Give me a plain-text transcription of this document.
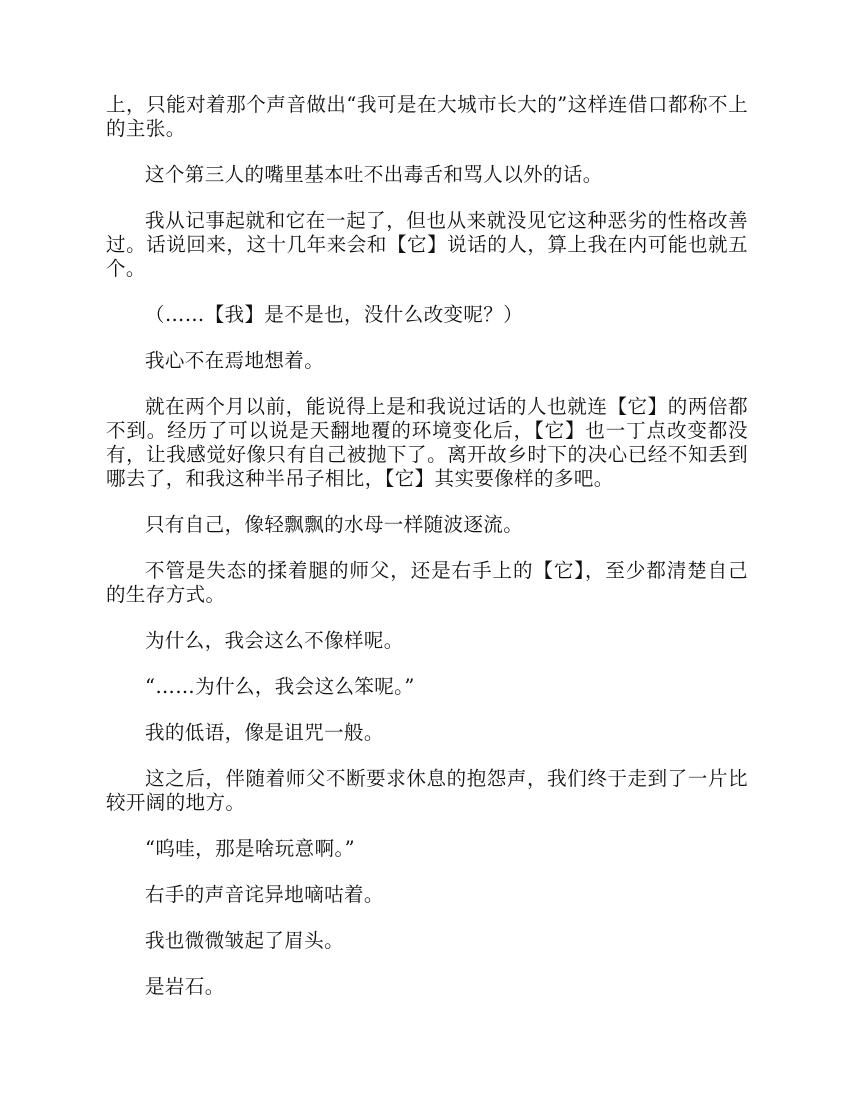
上，只能对着那个声音做出“我可是在大城市长大的”这样连借口都称不上的主张。

这个第三人的嘴里基本吐不出毒舌和骂人以外的话。

我从记事起就和它在一起了，但也从来就没见它这种恶劣的性格改善过。话说回来，这十几年来会和【它】说话的人，算上我在内可能也就五个。

（……【我】是不是也，没什么改变呢？）

我心不在焉地想着。

就在两个月以前，能说得上是和我说过话的人也就连【它】的两倍都不到。经历了可以说是天翻地覆的环境变化后，【它】也一丁点改变都没有，让我感觉好像只有自己被抛下了。离开故乡时下的决心已经不知丢到哪去了，和我这种半吊子相比，【它】其实要像样的多吧。

只有自己，像轻飘飘的水母一样随波逐流。

不管是失态的揉着腿的师父，还是右手上的【它】，至少都清楚自己的生存方式。

为什么，我会这么不像样呢。

“……为什么，我会这么笨呢。”

我的低语，像是诅咒一般。

这之后，伴随着师父不断要求休息的抱怨声，我们终于走到了一片比较开阔的地方。

“呜哇，那是啥玩意啊。”

右手的声音诧异地嘀咕着。

我也微微皱起了眉头。

是岩石。
